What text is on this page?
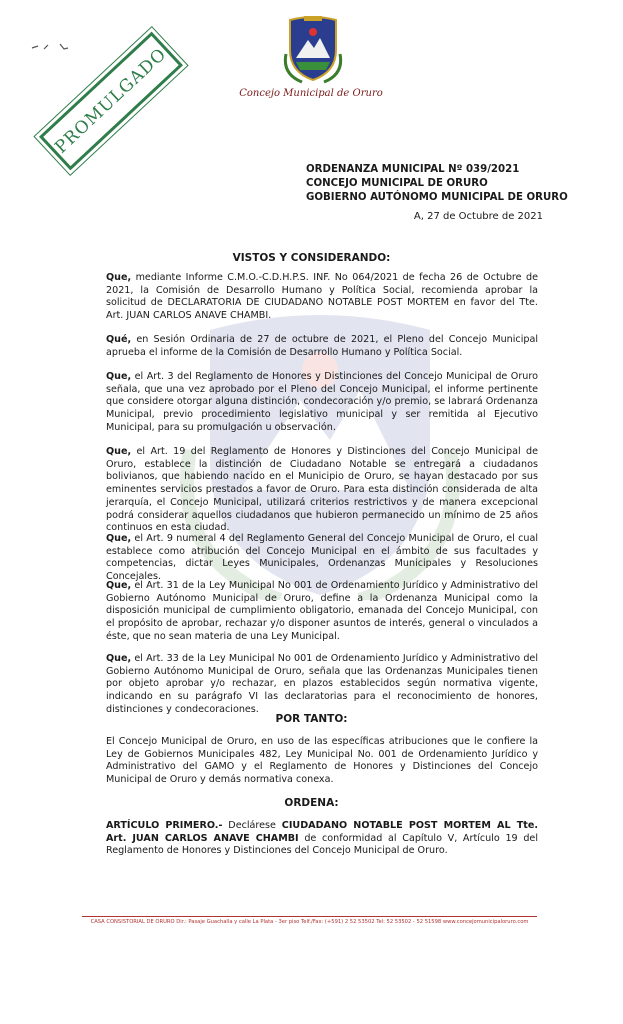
Concejo Municipal de Oruro
PROMULGADO
ORDENANZA MUNICIPAL Nº 039/2021
CONCEJO MUNICIPAL DE ORURO
GOBIERNO AUTÓNOMO MUNICIPAL DE ORURO
A, 27 de Octubre de 2021
VISTOS Y CONSIDERANDO:
Que, mediante Informe C.M.O.-C.D.H.P.S. INF. No 064/2021 de fecha 26 de Octubre de 2021, la Comisión de Desarrollo Humano y Política Social, recomienda aprobar la solicitud de DECLARATORIA DE CIUDADANO NOTABLE POST MORTEM en favor del Tte. Art. JUAN CARLOS ANAVE CHAMBI.
Qué, en Sesión Ordinaria de 27 de octubre de 2021, el Pleno del Concejo Municipal aprueba el informe de la Comisión de Desarrollo Humano y Política Social.
Que, el Art. 3 del Reglamento de Honores y Distinciones del Concejo Municipal de Oruro señala, que una vez aprobado por el Pleno del Concejo Municipal, el informe pertinente que considere otorgar alguna distinción, condecoración y/o premio, se labrará Ordenanza Municipal, previo procedimiento legislativo municipal y ser remitida al Ejecutivo Municipal, para su promulgación u observación.
Que, el Art. 19 del Reglamento de Honores y Distinciones del Concejo Municipal de Oruro, establece la distinción de Ciudadano Notable se entregará a ciudadanos bolivianos, que habiendo nacido en el Municipio de Oruro, se hayan destacado por sus eminentes servicios prestados a favor de Oruro. Para esta distinción considerada de alta jerarquía, el Concejo Municipal, utilizará criterios restrictivos y de manera excepcional podrá considerar aquellos ciudadanos que hubieron permanecido un mínimo de 25 años continuos en esta ciudad.
Que, el Art. 9 numeral 4 del Reglamento General del Concejo Municipal de Oruro, el cual establece como atribución del Concejo Municipal en el ámbito de sus facultades y competencias, dictar Leyes Municipales, Ordenanzas Municipales y Resoluciones Concejales.
Que, el Art. 31 de la Ley Municipal No 001 de Ordenamiento Jurídico y Administrativo del Gobierno Autónomo Municipal de Oruro, define a la Ordenanza Municipal como la disposición municipal de cumplimiento obligatorio, emanada del Concejo Municipal, con el propósito de aprobar, rechazar y/o disponer asuntos de interés, general o vinculados a éste, que no sean materia de una Ley Municipal.
Que, el Art. 33 de la Ley Municipal No 001 de Ordenamiento Jurídico y Administrativo del Gobierno Autónomo Municipal de Oruro, señala que las Ordenanzas Municipales tienen por objeto aprobar y/o rechazar, en plazos establecidos según normativa vigente, indicando en su parágrafo VI las declaratorias para el reconocimiento de honores, distinciones y condecoraciones.
POR TANTO:
El Concejo Municipal de Oruro, en uso de las específicas atribuciones que le confiere la Ley de Gobiernos Municipales 482, Ley Municipal No. 001 de Ordenamiento Jurídico y Administrativo del GAMO y el Reglamento de Honores y Distinciones del Concejo Municipal de Oruro y demás normativa conexa.
ORDENA:
ARTÍCULO PRIMERO.- Declárese CIUDADANO NOTABLE POST MORTEM AL Tte. Art. JUAN CARLOS ANAVE CHAMBI de conformidad al Capítulo V, Artículo 19 del Reglamento de Honores y Distinciones del Concejo Municipal de Oruro.
CASA CONSISTORIAL DE ORURO Dir.: Pasaje Guachalla y calle La Plata - 3er piso Telf./Fax: (+591) 2 52 53502 Tel: 52 53502 - 52 51598 www.concejomunicipaloruro.com
